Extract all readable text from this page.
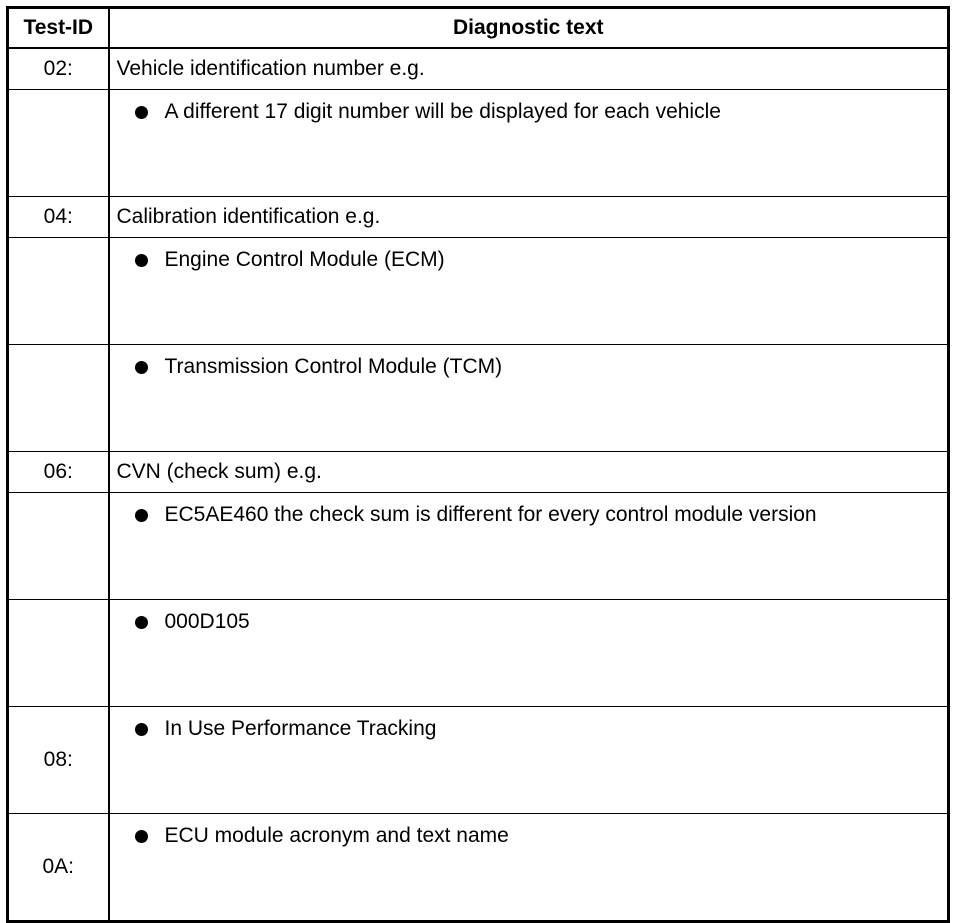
Test-ID	Diagnostic text
02:	Vehicle identification number e.g.

	A different 17 digit number will be displayed for each vehicle

04:	Calibration identification e.g.

	Engine Control Module (ECM)

	Transmission Control Module (TCM)

06:	CVN (check sum) e.g.

	EC5AE460 the check sum is different for every control module version

	000D105

08:	In Use Performance Tracking

0A:	ECU module acronym and text name
